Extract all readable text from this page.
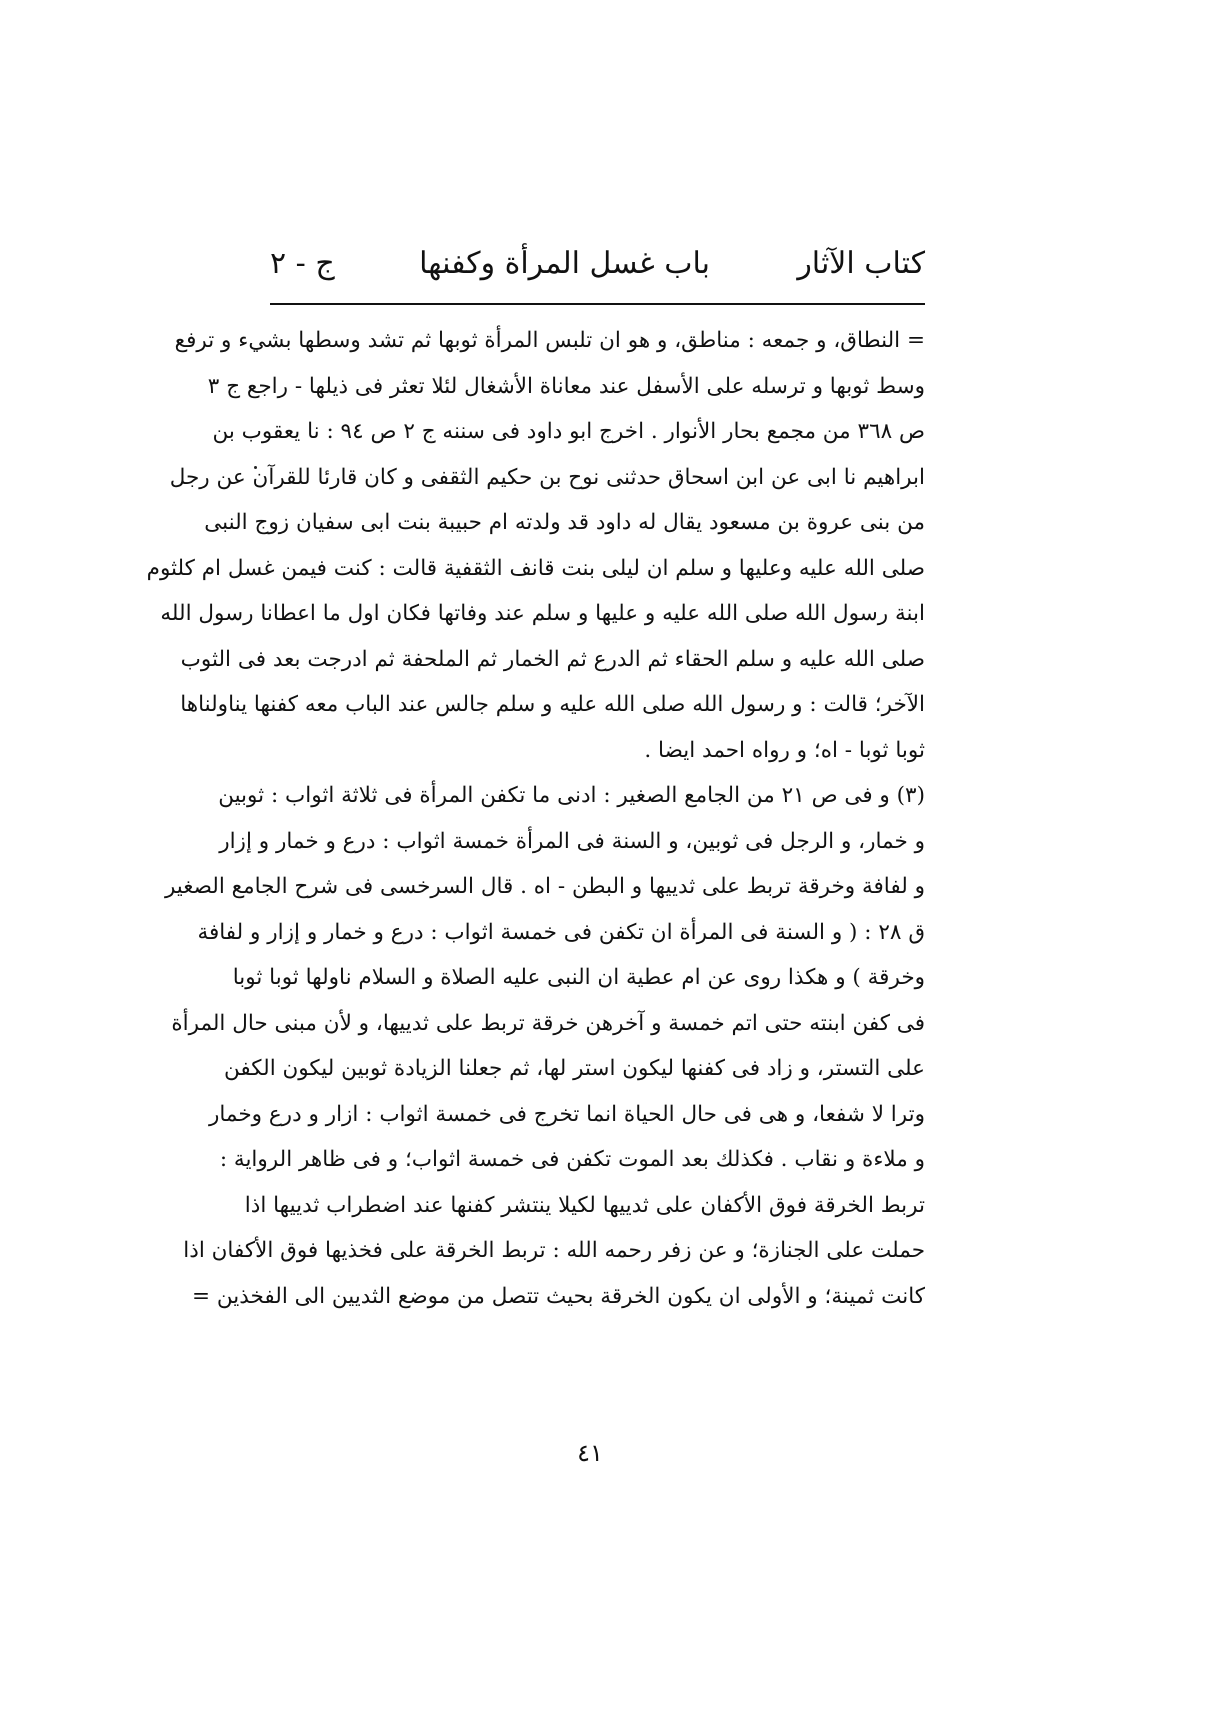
كتاب الآثار
باب غسل المرأة وكفنها
ج - ٢
= النطاق، و جمعه : مناطق، و هو ان تلبس المرأة ثوبها ثم تشد وسطها بشيء و ترفع
وسط ثوبها و ترسله على الأسفل عند معاناة الأشغال لئلا تعثر فى ذيلها - راجع ج ٣
ص ٣٦٨ من مجمع بحار الأنوار . اخرج ابو داود فى سننه ج ٢ ص ٩٤ : نا يعقوب بن
ابراهيم نا ابى عن ابن اسحاق حدثنى نوح بن حكيم الثقفى و كان قارئا للقرآن عن رجل
من بنى عروة بن مسعود يقال له داود قد ولدته ام حبيبة بنت ابى سفيان زوج النبى
صلى الله عليه وعليها و سلم ان ليلى بنت قانف الثقفية قالت : كنت فيمن غسل ام كلثوم
ابنة رسول الله صلى الله عليه و عليها و سلم عند وفاتها فكان اول ما اعطانا رسول الله
صلى الله عليه و سلم الحقاء ثم الدرع ثم الخمار ثم الملحفة ثم ادرجت بعد فى الثوب
الآخر؛ قالت : و رسول الله صلى الله عليه و سلم جالس عند الباب معه كفنها يناولناها
ثوبا ثوبا - اه؛ و رواه احمد ايضا .
(٣) و فى ص ٢١ من الجامع الصغير : ادنى ما تكفن المرأة فى ثلاثة اثواب : ثوبين
و خمار، و الرجل فى ثوبين، و السنة فى المرأة خمسة اثواب : درع و خمار و إزار
و لفافة وخرقة تربط على ثدييها و البطن - اه . قال السرخسى فى شرح الجامع الصغير
ق ٢٨ : ( و السنة فى المرأة ان تكفن فى خمسة اثواب : درع و خمار و إزار و لفافة
وخرقة ) و هكذا روى عن ام عطية ان النبى عليه الصلاة و السلام ناولها ثوبا ثوبا
فى كفن ابنته حتى اتم خمسة و آخرهن خرقة تربط على ثدييها، و لأن مبنى حال المرأة
على التستر، و زاد فى كفنها ليكون استر لها، ثم جعلنا الزيادة ثوبين ليكون الكفن
وترا لا شفعا، و هى فى حال الحياة انما تخرج فى خمسة اثواب : ازار و درع وخمار
و ملاءة و نقاب . فكذلك بعد الموت تكفن فى خمسة اثواب؛ و فى ظاهر الرواية :
تربط الخرقة فوق الأكفان على ثدييها لكيلا ينتشر كفنها عند اضطراب ثدييها اذا
حملت على الجنازة؛ و عن زفر رحمه الله : تربط الخرقة على فخذيها فوق الأكفان اذا
كانت ثمينة؛ و الأولى ان يكون الخرقة بحيث تتصل من موضع الثديين الى الفخذين =
٤١
